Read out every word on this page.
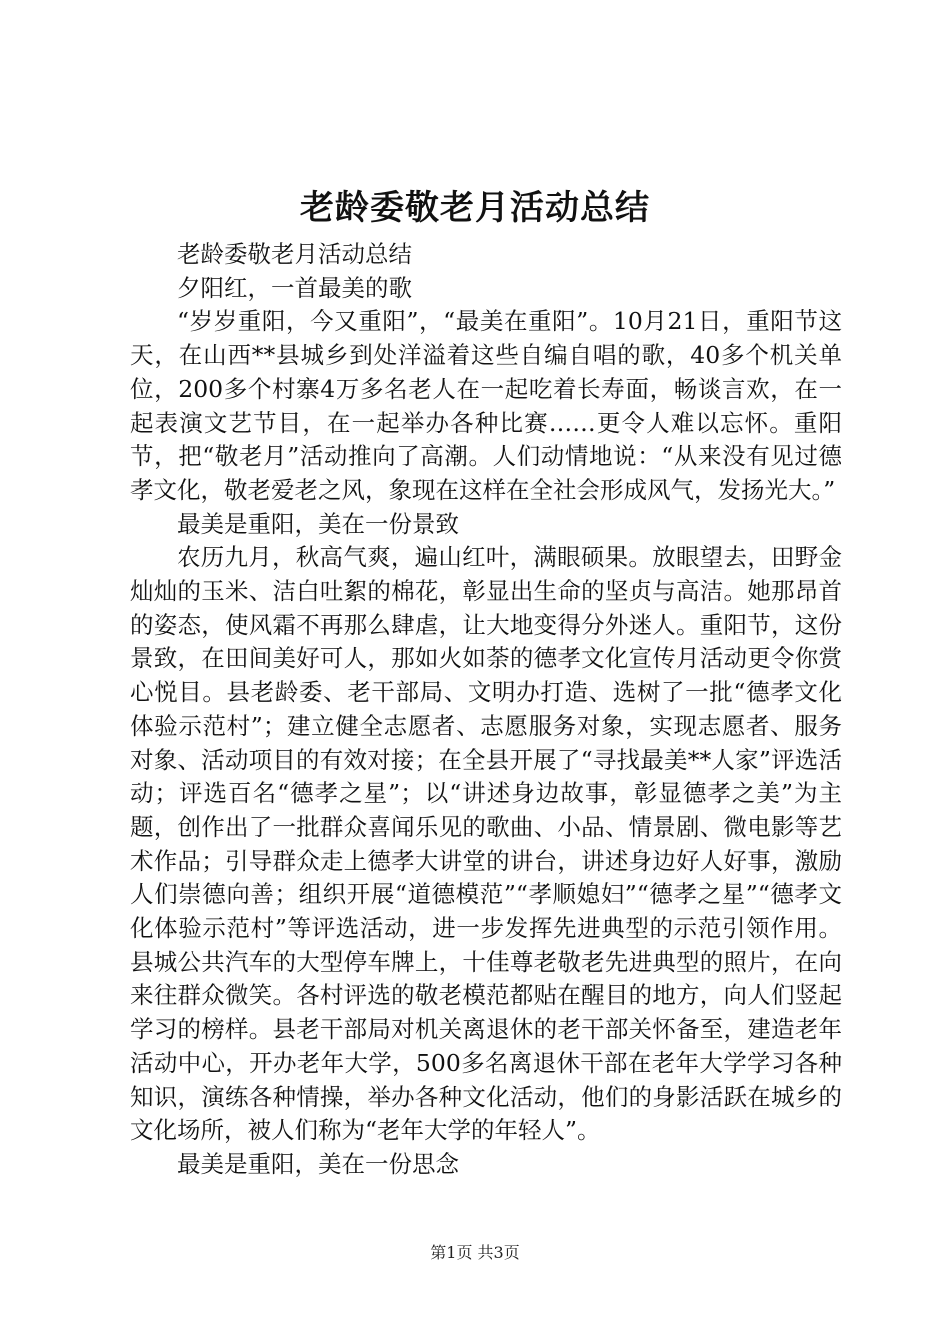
老龄委敬老月活动总结

老龄委敬老月活动总结

夕阳红，一首最美的歌

“岁岁重阳，今又重阳”，“最美在重阳”。10月21日，重阳节这天，在山西**县城乡到处洋溢着这些自编自唱的歌，40多个机关单位，200多个村寨4万多名老人在一起吃着长寿面，畅谈言欢，在一起表演文艺节目，在一起举办各种比赛……更令人难以忘怀。重阳节，把“敬老月”活动推向了高潮。人们动情地说：“从来没有见过德孝文化，敬老爱老之风，象现在这样在全社会形成风气，发扬光大。”

最美是重阳，美在一份景致

农历九月，秋高气爽，遍山红叶，满眼硕果。放眼望去，田野金灿灿的玉米、洁白吐絮的棉花，彰显出生命的坚贞与高洁。她那昂首的姿态，使风霜不再那么肆虐，让大地变得分外迷人。重阳节，这份景致，在田间美好可人，那如火如荼的德孝文化宣传月活动更令你赏心悦目。县老龄委、老干部局、文明办打造、选树了一批“德孝文化体验示范村”；建立健全志愿者、志愿服务对象，实现志愿者、服务对象、活动项目的有效对接；在全县开展了“寻找最美**人家”评选活动；评选百名“德孝之星”；以“讲述身边故事，彰显德孝之美”为主题，创作出了一批群众喜闻乐见的歌曲、小品、情景剧、微电影等艺术作品；引导群众走上德孝大讲堂的讲台，讲述身边好人好事，激励人们崇德向善；组织开展“道德模范”“孝顺媳妇”“德孝之星”“德孝文化体验示范村”等评选活动，进一步发挥先进典型的示范引领作用。县城公共汽车的大型停车牌上，十佳尊老敬老先进典型的照片，在向来往群众微笑。各村评选的敬老模范都贴在醒目的地方，向人们竖起学习的榜样。县老干部局对机关离退休的老干部关怀备至，建造老年活动中心，开办老年大学，500多名离退休干部在老年大学学习各种知识，演练各种情操，举办各种文化活动，他们的身影活跃在城乡的文化场所，被人们称为“老年大学的年轻人”。

最美是重阳，美在一份思念

第1页 共3页
